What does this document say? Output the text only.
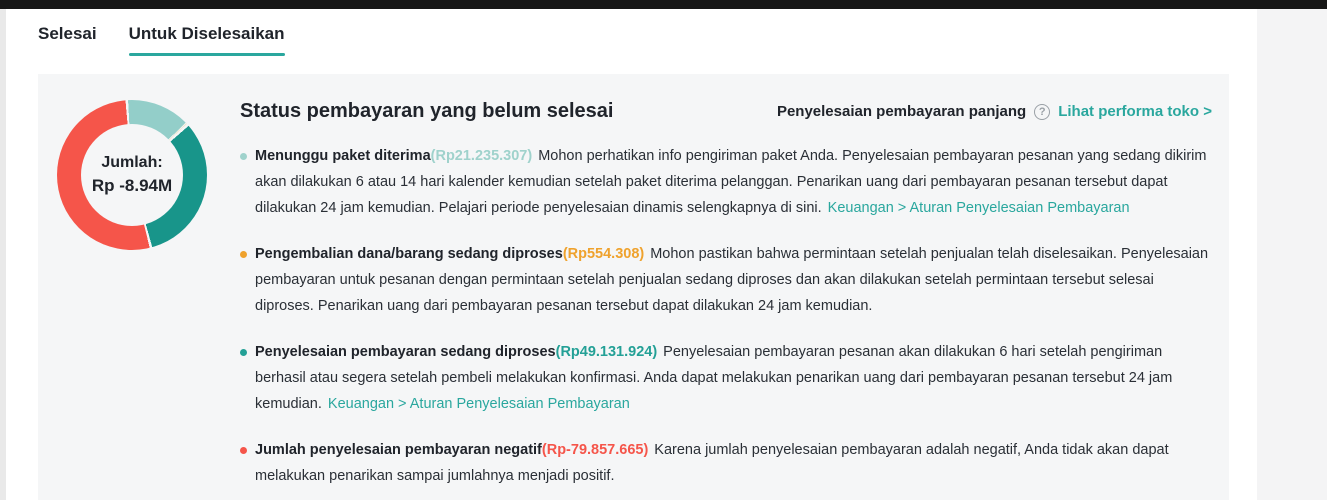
Selesai Untuk Diselesaikan
Jumlah:
Rp -8.94M
Status pembayaran yang belum selesai	Penyelesaian pembayaran panjang	? Lihat performa toko >

Menunggu paket diterima(Rp21.235.307) Mohon perhatikan info pengiriman paket Anda. Penyelesaian pembayaran pesanan yang sedang dikirim akan dilakukan 6 atau 14 hari kalender kemudian setelah paket diterima pelanggan. Penarikan uang dari pembayaran pesanan tersebut dapat dilakukan 24 jam kemudian. Pelajari periode penyelesaian dinamis selengkapnya di sini. Keuangan > Aturan Penyelesaian Pembayaran

Pengembalian dana/barang sedang diproses(Rp554.308) Mohon pastikan bahwa permintaan setelah penjualan telah diselesaikan. Penyelesaian pembayaran untuk pesanan dengan permintaan setelah penjualan sedang diproses dan akan dilakukan setelah permintaan tersebut selesai diproses. Penarikan uang dari pembayaran pesanan tersebut dapat dilakukan 24 jam kemudian.

Penyelesaian pembayaran sedang diproses(Rp49.131.924) Penyelesaian pembayaran pesanan akan dilakukan 6 hari setelah pengiriman berhasil atau segera setelah pembeli melakukan konfirmasi. Anda dapat melakukan penarikan uang dari pembayaran pesanan tersebut 24 jam kemudian. Keuangan > Aturan Penyelesaian Pembayaran

Jumlah penyelesaian pembayaran negatif(Rp-79.857.665) Karena jumlah penyelesaian pembayaran adalah negatif, Anda tidak akan dapat melakukan penarikan sampai jumlahnya menjadi positif.
